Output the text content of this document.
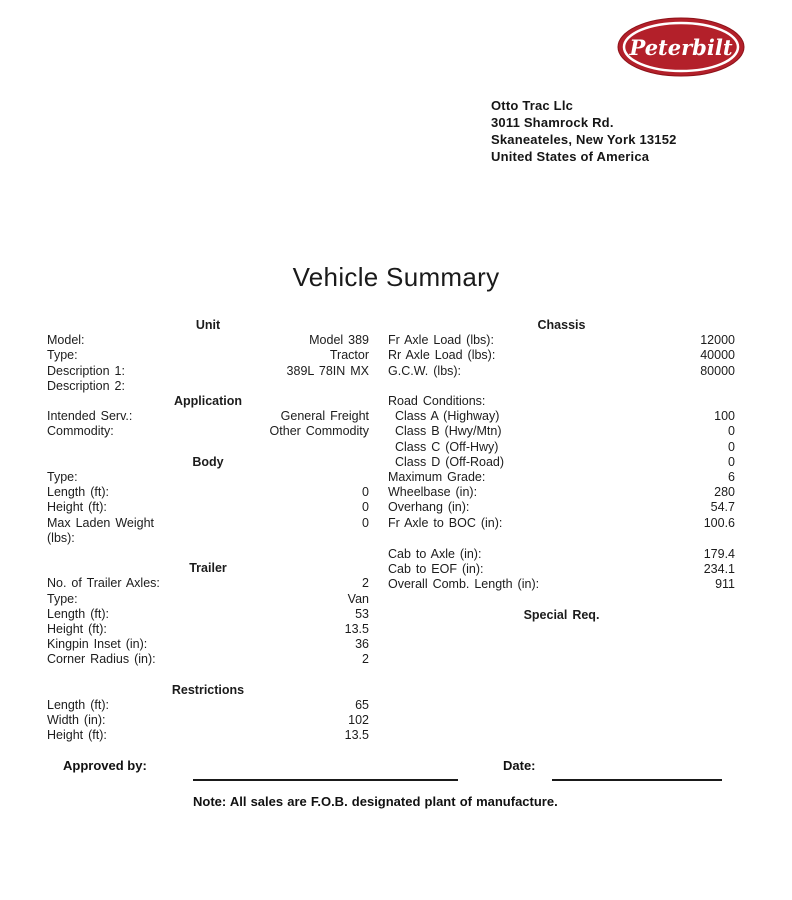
Peterbilt
Otto Trac Llc
3011 Shamrock Rd.
Skaneateles, New York 13152
United States of America
Vehicle Summary
Unit
Model:	Model 389
Type:	Tractor
Description 1:	389L 78IN MX
Description 2:
Application
Intended Serv.:	General Freight
Commodity:	Other Commodity
Body
Type:
Length (ft):	0
Height (ft):	0
Max Laden Weight (lbs):
0
Trailer
No. of Trailer Axles:	2
Type:	Van
Length (ft):	53
Height (ft):	13.5
Kingpin Inset (in):	36
Corner Radius (in):	2
Restrictions
Length (ft):	65
Width (in):	102
Height (ft):	13.5
Chassis
Fr Axle Load (lbs):	12000
Rr Axle Load (lbs):	40000
G.C.W. (lbs):	80000
Road Conditions:
Class A (Highway)	100
Class B (Hwy/Mtn)	0
Class C (Off-Hwy)	0
Class D (Off-Road)	0
Maximum Grade:	6
Wheelbase (in):	280
Overhang (in):	54.7
Fr Axle to BOC (in):	100.6
Cab to Axle (in):	179.4
Cab to EOF (in):	234.1
Overall Comb. Length (in):	911
Special Req.
Approved by:	Date:
Note: All sales are F.O.B. designated plant of manufacture.
